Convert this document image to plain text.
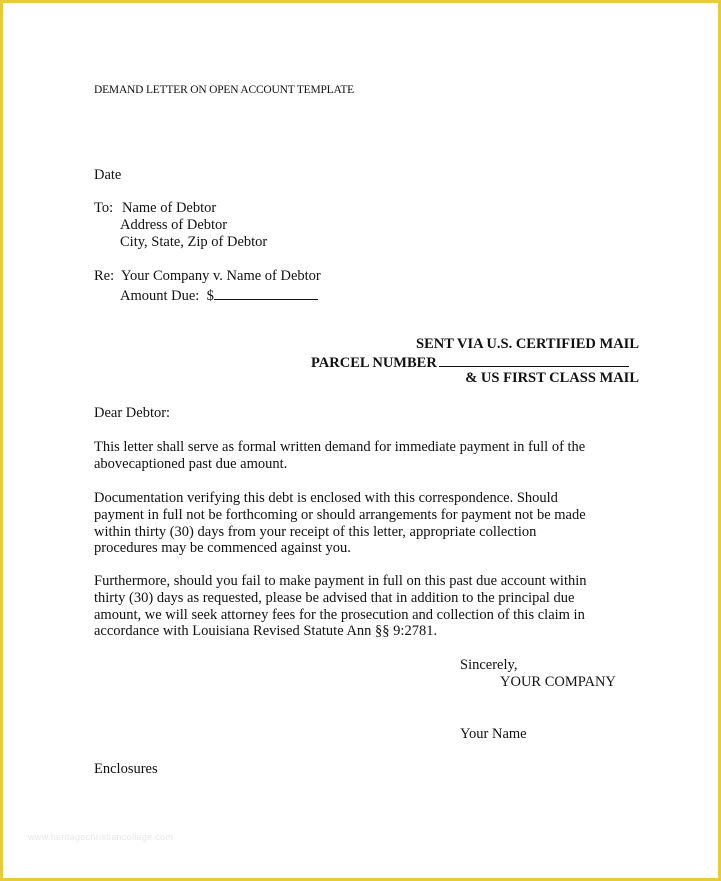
DEMAND LETTER ON OPEN ACCOUNT TEMPLATE
Date
To: Name of Debtor
Address of Debtor
City, State, Zip of Debtor
Re: Your Company v. Name of Debtor
Amount Due: $
SENT VIA U.S. CERTIFIED MAIL
PARCEL NUMBER
& US FIRST CLASS MAIL
Dear Debtor:
This letter shall serve as formal written demand for immediate payment in full of the
abovecaptioned past due amount.
Documentation verifying this debt is enclosed with this correspondence. Should
payment in full not be forthcoming or should arrangements for payment not be made
within thirty (30) days from your receipt of this letter, appropriate collection
procedures may be commenced against you.
Furthermore, should you fail to make payment in full on this past due account within
thirty (30) days as requested, please be advised that in addition to the principal due
amount, we will seek attorney fees for the prosecution and collection of this claim in
accordance with Louisiana Revised Statute Ann §§ 9:2781.
Sincerely,
YOUR COMPANY
Your Name
Enclosures
www.heritagechristiancollege.com
